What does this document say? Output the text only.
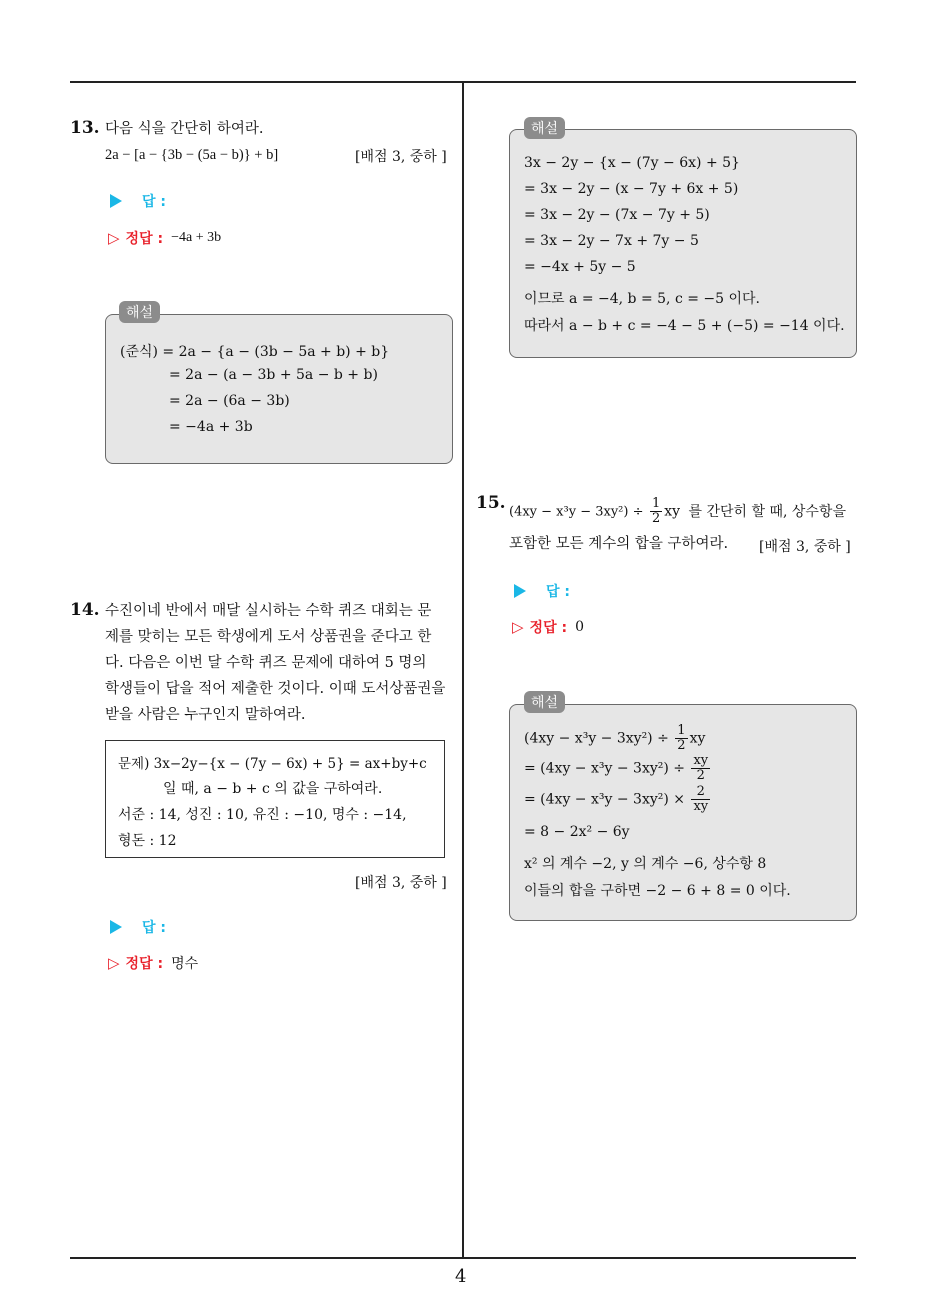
4
13. 다음 식을 간단히 하여라.
2a − [a − {3b − (5a − b)} + b]	[배점 3, 중하 ]
답 :
▷ 정답 : −4a + 3b
해설
(준식) = 2a − {a − (3b − 5a + b) + b}
= 2a − (a − 3b + 5a − b + b)
= 2a − (6a − 3b)
= −4a + 3b
14. 수진이네 반에서 매달 실시하는 수학 퀴즈 대회는 문
제를 맞히는 모든 학생에게 도서 상품권을 준다고 한
다. 다음은 이번 달 수학 퀴즈 문제에 대하여 5 명의
학생들이 답을 적어 제출한 것이다. 이때 도서상품권을
받을 사람은 누구인지 말하여라.
문제) 3x−2y−{x − (7y − 6x) + 5} = ax+by+c
일 때, a − b + c 의 값을 구하여라.
서준 : 14, 성진 : 10, 유진 : −10, 명수 : −14,
형돈 : 12
[배점 3, 중하 ]
답 :
▷ 정답 : 명수
해설
3x − 2y − {x − (7y − 6x) + 5}
= 3x − 2y − (x − 7y + 6x + 5)
= 3x − 2y − (7x − 7y + 5)
= 3x − 2y − 7x + 7y − 5
= −4x + 5y − 5
이므로 a = −4, b = 5, c = −5 이다.
따라서 a − b + c = −4 − 5 + (−5) = −14 이다.
15. $(4xy - x^3y - 3xy^2) \div \frac{1}{2}$ xy 를 간단히 할 때, 상수항을
포함한 모든 계수의 합을 구하여라. [배점 3, 중하 ]
답 :
▷ 정답 : 0
해설
$(4xy - x^3y - 3xy^2) \div \frac{1}{2}$ xy
= $(4xy - x^3y - 3xy^2) \div \frac{xy}{2}$
= $(4xy - x^3y - 3xy^2) \times \frac{2}{xy}$
= 8 − 2x² − 6y
x² 의 계수 −2, y 의 계수 −6, 상수항 8
이들의 합을 구하면 −2 − 6 + 8 = 0 이다.
